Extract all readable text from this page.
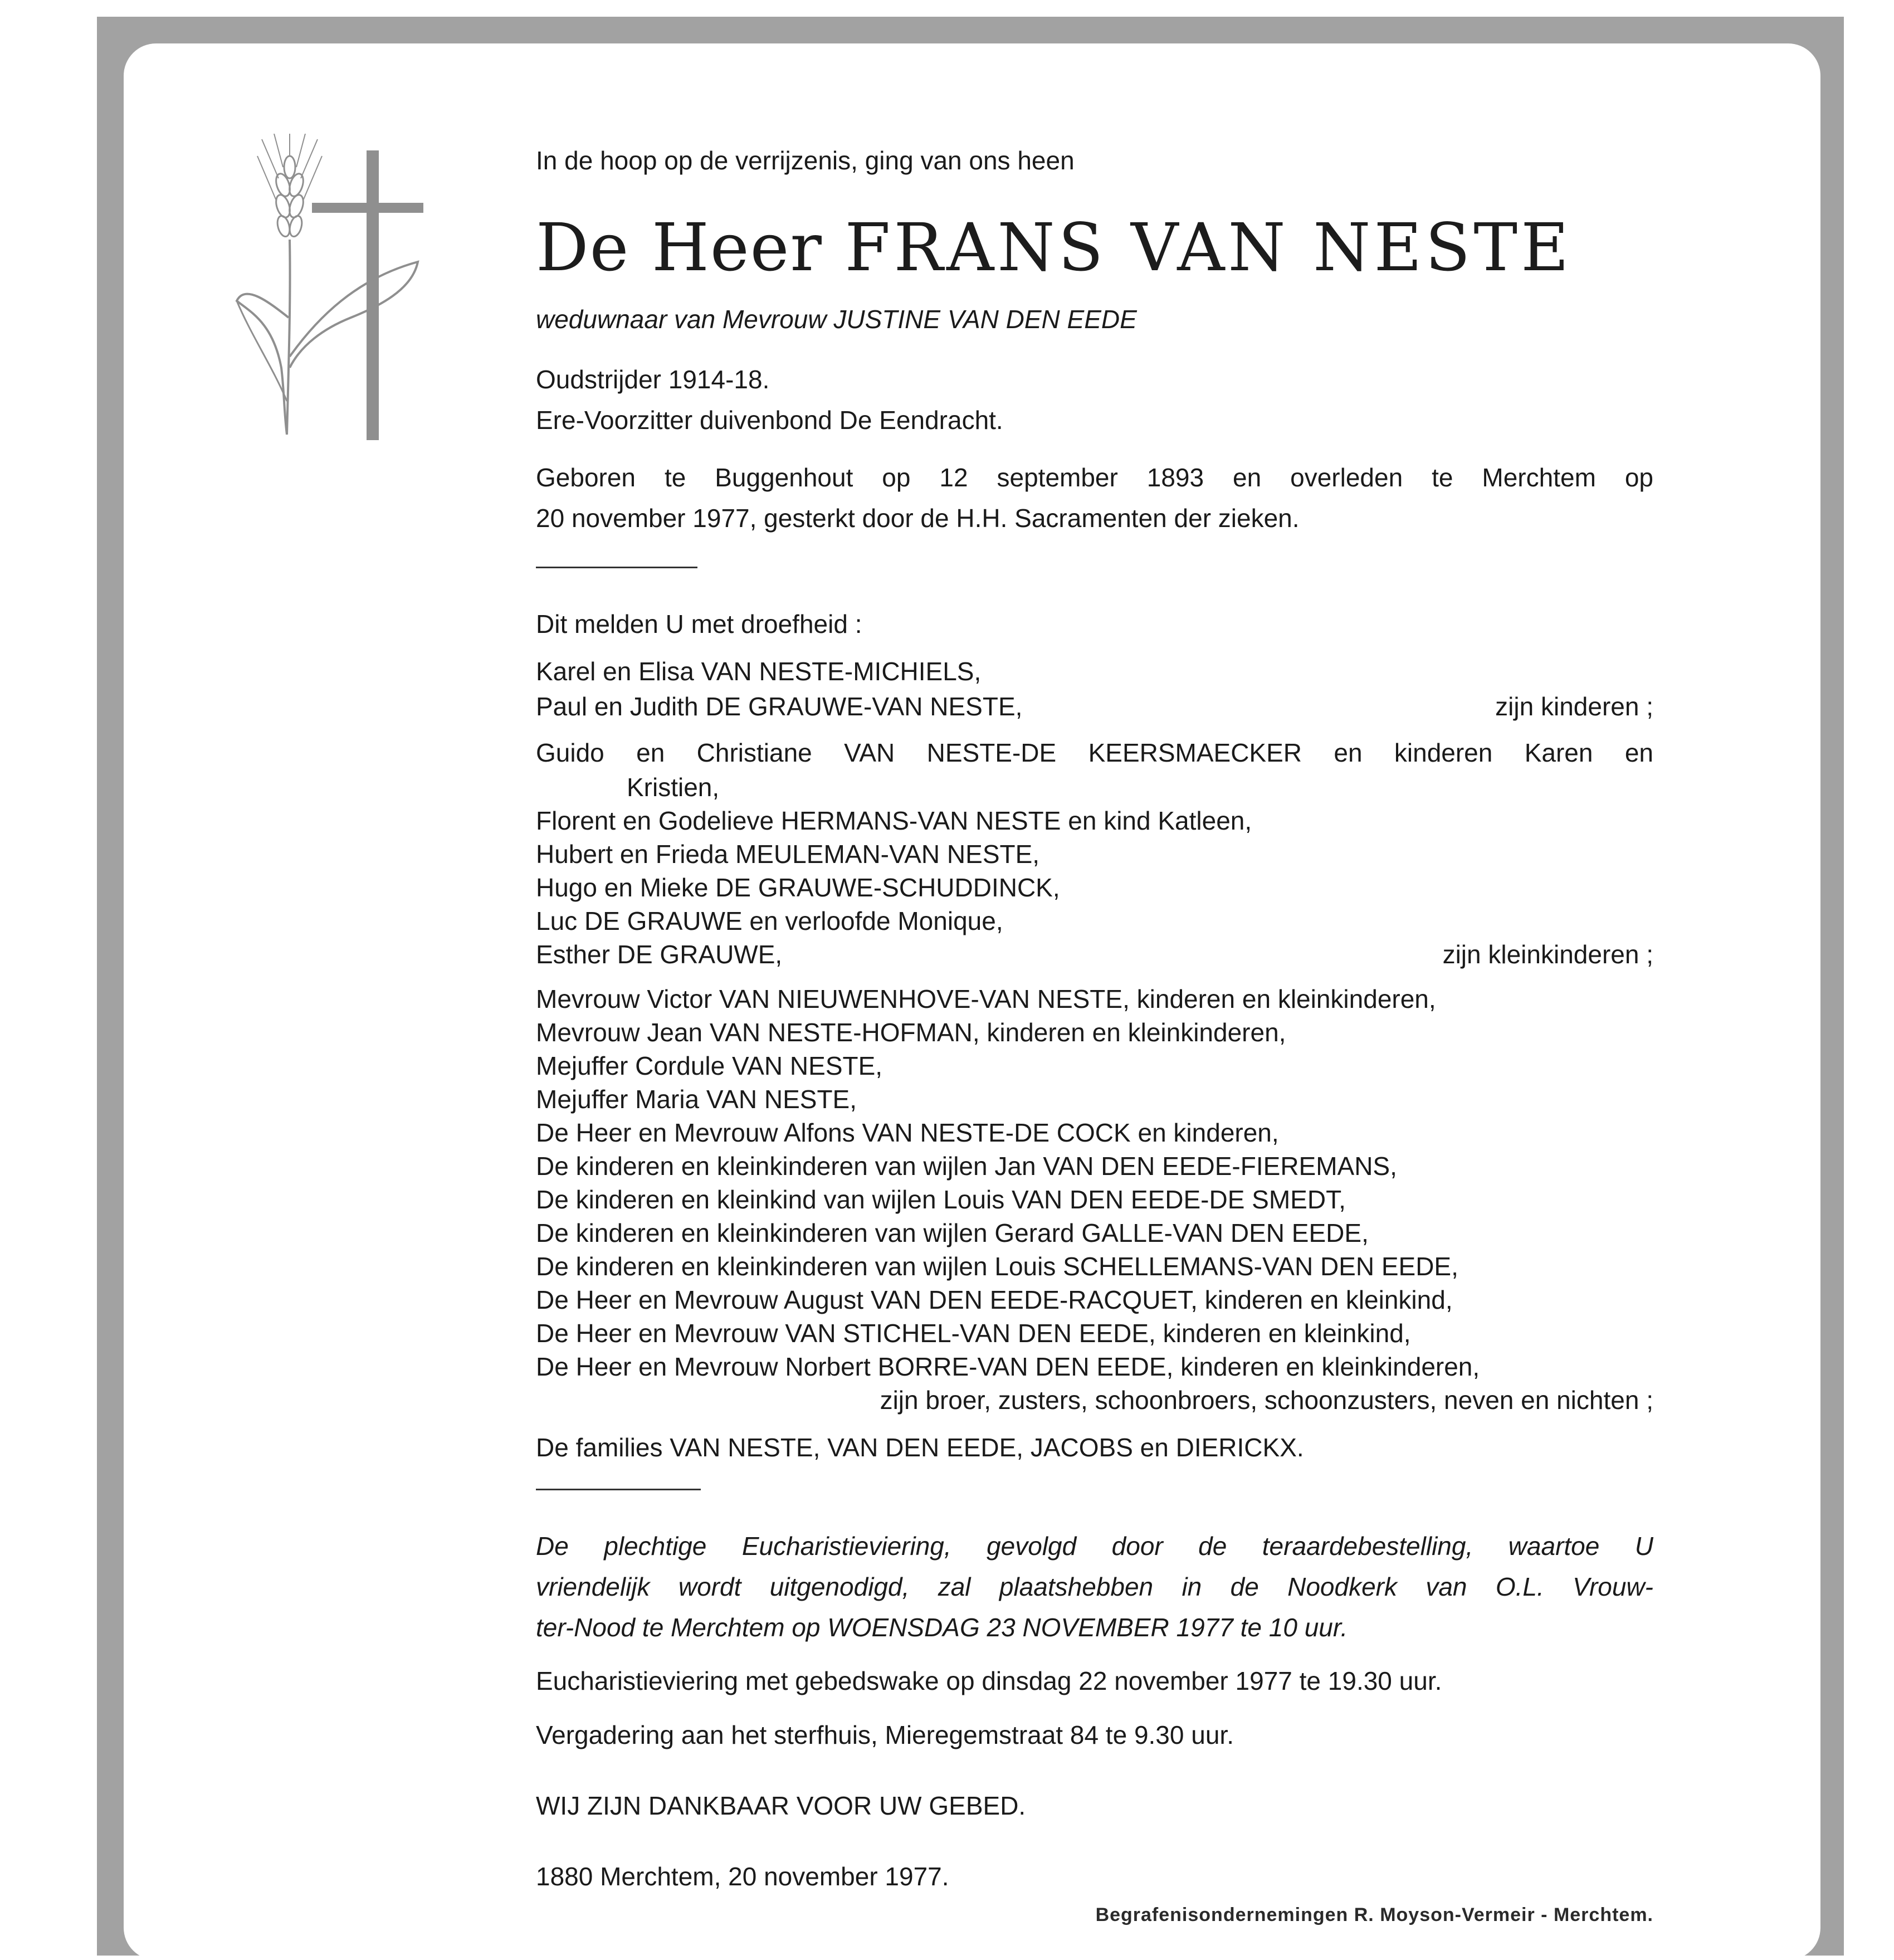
In de hoop op de verrijzenis, ging van ons heen
De Heer FRANS VAN NESTE
weduwnaar van Mevrouw JUSTINE VAN DEN EEDE
Oudstrijder 1914-18.
Ere-Voorzitter duivenbond De Eendracht.
Geboren te Buggenhout op 12 september 1893 en overleden te Merchtem op
20 november 1977, gesterkt door de H.H. Sacramenten der zieken.
Dit melden U met droefheid :
Karel en Elisa VAN NESTE-MICHIELS,
Paul en Judith DE GRAUWE-VAN NESTE,	zijn kinderen ;
Guido en Christiane VAN NESTE-DE KEERSMAECKER en kinderen Karen en
Kristien,
Florent en Godelieve HERMANS-VAN NESTE en kind Katleen,
Hubert en Frieda MEULEMAN-VAN NESTE,
Hugo en Mieke DE GRAUWE-SCHUDDINCK,
Luc DE GRAUWE en verloofde Monique,
Esther DE GRAUWE,	zijn kleinkinderen ;
Mevrouw Victor VAN NIEUWENHOVE-VAN NESTE, kinderen en kleinkinderen,
Mevrouw Jean VAN NESTE-HOFMAN, kinderen en kleinkinderen,
Mejuffer Cordule VAN NESTE,
Mejuffer Maria VAN NESTE,
De Heer en Mevrouw Alfons VAN NESTE-DE COCK en kinderen,
De kinderen en kleinkinderen van wijlen Jan VAN DEN EEDE-FIEREMANS,
De kinderen en kleinkind van wijlen Louis VAN DEN EEDE-DE SMEDT,
De kinderen en kleinkinderen van wijlen Gerard GALLE-VAN DEN EEDE,
De kinderen en kleinkinderen van wijlen Louis SCHELLEMANS-VAN DEN EEDE,
De Heer en Mevrouw August VAN DEN EEDE-RACQUET, kinderen en kleinkind,
De Heer en Mevrouw VAN STICHEL-VAN DEN EEDE, kinderen en kleinkind,
De Heer en Mevrouw Norbert BORRE-VAN DEN EEDE, kinderen en kleinkinderen,
zijn broer, zusters, schoonbroers, schoonzusters, neven en nichten ;
De families VAN NESTE, VAN DEN EEDE, JACOBS en DIERICKX.
De plechtige Eucharistieviering, gevolgd door de teraardebestelling, waartoe U
vriendelijk wordt uitgenodigd, zal plaatshebben in de Noodkerk van O.L. Vrouw-
ter-Nood te Merchtem op WOENSDAG 23 NOVEMBER 1977 te 10 uur.
Eucharistieviering met gebedswake op dinsdag 22 november 1977 te 19.30 uur.
Vergadering aan het sterfhuis, Mieregemstraat 84 te 9.30 uur.
WIJ ZIJN DANKBAAR VOOR UW GEBED.
1880 Merchtem, 20 november 1977.
Begrafenisondernemingen R. Moyson-Vermeir - Merchtem.
